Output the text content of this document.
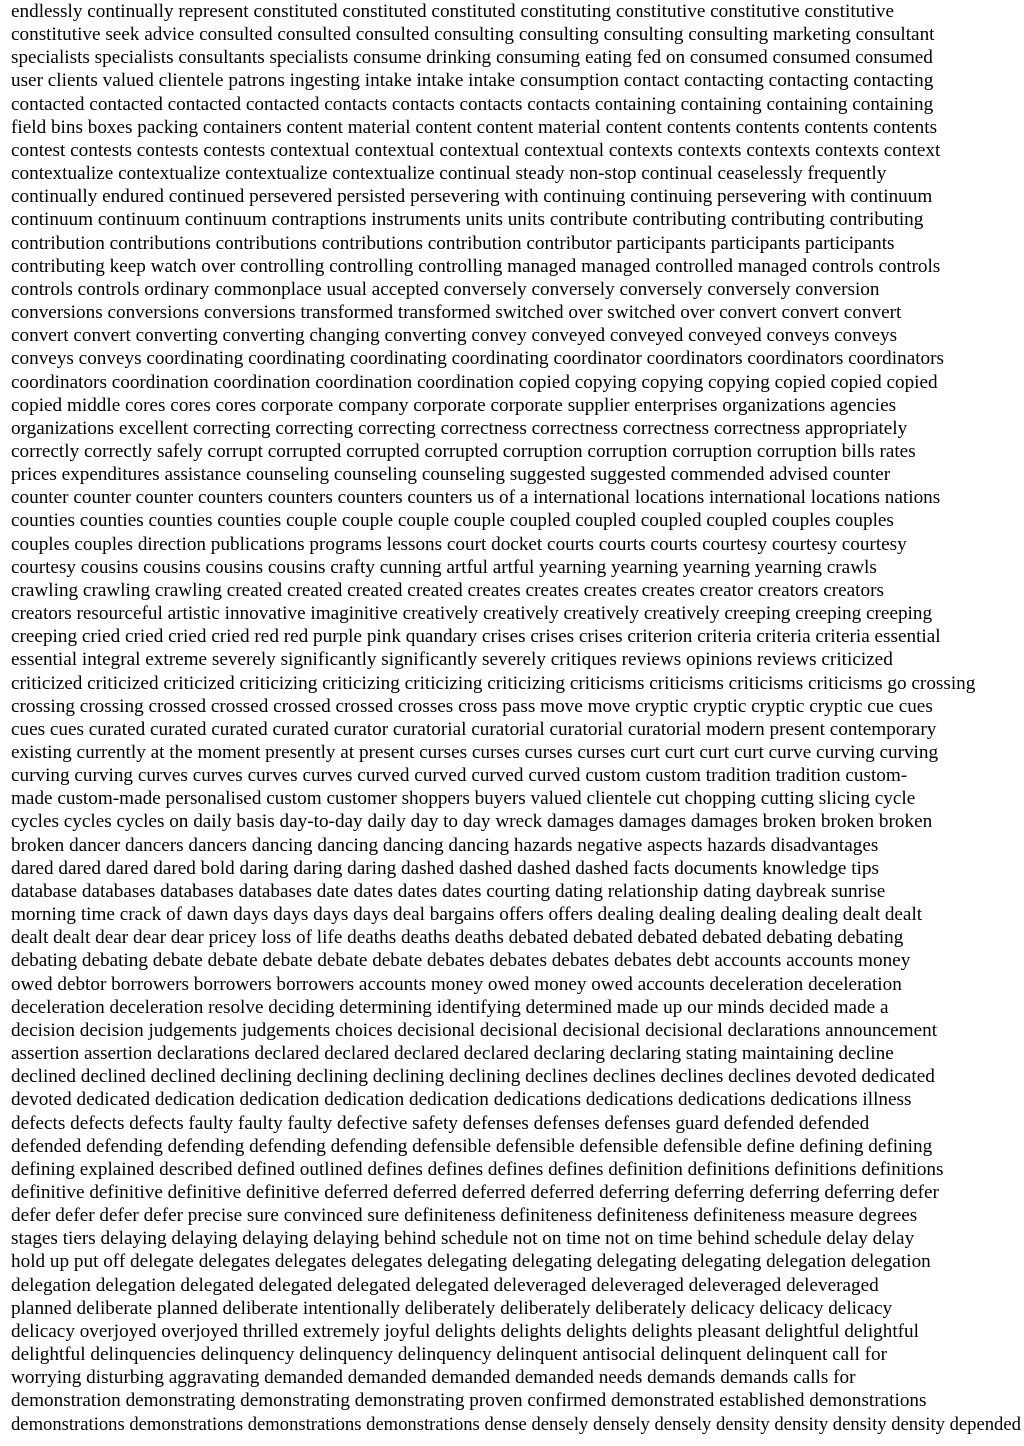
endlessly continually represent constituted constituted constituted constituting constitutive constitutive constitutive
constitutive seek advice consulted consulted consulted consulting consulting consulting consulting marketing consultant
specialists specialists consultants specialists consume drinking consuming eating fed on consumed consumed consumed
user clients valued clientele patrons ingesting intake intake intake consumption contact contacting contacting contacting
contacted contacted contacted contacted contacts contacts contacts contacts containing containing containing containing
field bins boxes packing containers content material content content material content contents contents contents contents
contest contests contests contests contextual contextual contextual contextual contexts contexts contexts contexts context
contextualize contextualize contextualize contextualize continual steady non-stop continual ceaselessly frequently
continually endured continued persevered persisted persevering with continuing continuing persevering with continuum
continuum continuum continuum contraptions instruments units units contribute contributing contributing contributing
contribution contributions contributions contributions contribution contributor participants participants participants
contributing keep watch over controlling controlling controlling managed managed controlled managed controls controls
controls controls ordinary commonplace usual accepted conversely conversely conversely conversely conversion
conversions conversions conversions transformed transformed switched over switched over convert convert convert
convert convert converting converting changing converting convey conveyed conveyed conveyed conveys conveys
conveys conveys coordinating coordinating coordinating coordinating coordinator coordinators coordinators coordinators
coordinators coordination coordination coordination coordination copied copying copying copying copied copied copied
copied middle cores cores cores corporate company corporate corporate supplier enterprises organizations agencies
organizations excellent correcting correcting correcting correctness correctness correctness correctness appropriately
correctly correctly safely corrupt corrupted corrupted corrupted corruption corruption corruption corruption bills rates
prices expenditures assistance counseling counseling counseling suggested suggested commended advised counter
counter counter counter counters counters counters counters us of a international locations international locations nations
counties counties counties counties couple couple couple couple coupled coupled coupled coupled couples couples
couples couples direction publications programs lessons court docket courts courts courts courtesy courtesy courtesy
courtesy cousins cousins cousins cousins crafty cunning artful artful yearning yearning yearning yearning crawls
crawling crawling crawling created created created created creates creates creates creates creator creators creators
creators resourceful artistic innovative imaginitive creatively creatively creatively creatively creeping creeping creeping
creeping cried cried cried cried red red purple pink quandary crises crises crises criterion criteria criteria criteria essential
essential integral extreme severely significantly significantly severely critiques reviews opinions reviews criticized
criticized criticized criticized criticizing criticizing criticizing criticizing criticisms criticisms criticisms criticisms go crossing
crossing crossing crossed crossed crossed crossed crosses cross pass move move cryptic cryptic cryptic cryptic cue cues
cues cues curated curated curated curated curator curatorial curatorial curatorial curatorial modern present contemporary
existing currently at the moment presently at present curses curses curses curses curt curt curt curt curve curving curving
curving curving curves curves curves curves curved curved curved curved custom custom tradition tradition custom-
made custom-made personalised custom customer shoppers buyers valued clientele cut chopping cutting slicing cycle
cycles cycles cycles on daily basis day-to-day daily day to day wreck damages damages damages broken broken broken
broken dancer dancers dancers dancing dancing dancing dancing hazards negative aspects hazards disadvantages
dared dared dared dared bold daring daring daring dashed dashed dashed dashed facts documents knowledge tips
database databases databases databases date dates dates dates courting dating relationship dating daybreak sunrise
morning time crack of dawn days days days days deal bargains offers offers dealing dealing dealing dealing dealt dealt
dealt dealt dear dear dear pricey loss of life deaths deaths deaths debated debated debated debated debating debating
debating debating debate debate debate debate debate debates debates debates debates debt accounts accounts money
owed debtor borrowers borrowers borrowers accounts money owed money owed accounts deceleration deceleration
deceleration deceleration resolve deciding determining identifying determined made up our minds decided made a
decision decision judgements judgements choices decisional decisional decisional decisional declarations announcement
assertion assertion declarations declared declared declared declared declaring declaring stating maintaining decline
declined declined declined declining declining declining declining declines declines declines declines devoted dedicated
devoted dedicated dedication dedication dedication dedication dedications dedications dedications dedications illness
defects defects defects faulty faulty faulty defective safety defenses defenses defenses guard defended defended
defended defending defending defending defending defensible defensible defensible defensible define defining defining
defining explained described defined outlined defines defines defines defines definition definitions definitions definitions
definitive definitive definitive definitive deferred deferred deferred deferred deferring deferring deferring deferring defer
defer defer defer defer precise sure convinced sure definiteness definiteness definiteness definiteness measure degrees
stages tiers delaying delaying delaying delaying behind schedule not on time not on time behind schedule delay delay
hold up put off delegate delegates delegates delegates delegating delegating delegating delegating delegation delegation
delegation delegation delegated delegated delegated delegated deleveraged deleveraged deleveraged deleveraged
planned deliberate planned deliberate intentionally deliberately deliberately deliberately delicacy delicacy delicacy
delicacy overjoyed overjoyed thrilled extremely joyful delights delights delights delights pleasant delightful delightful
delightful delinquencies delinquency delinquency delinquency delinquent antisocial delinquent delinquent call for
worrying disturbing aggravating demanded demanded demanded demanded needs demands demands calls for
demonstration demonstrating demonstrating demonstrating proven confirmed demonstrated established demonstrations
demonstrations demonstrations demonstrations demonstrations dense densely densely densely density density density density depended
